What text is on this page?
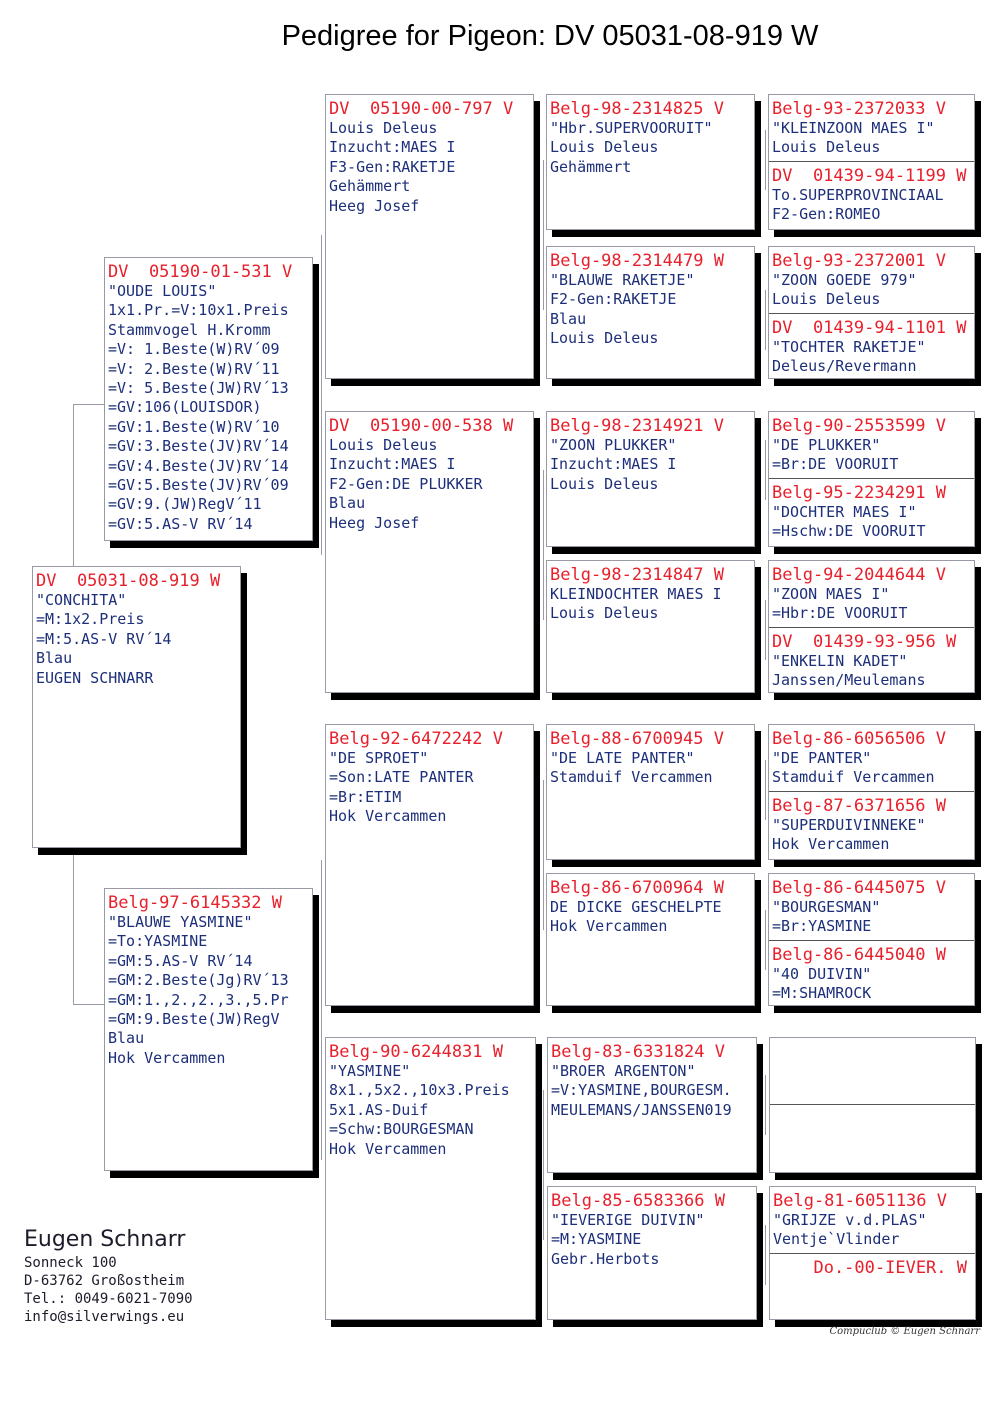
Pedigree for Pigeon: DV 05031-08-919 W
DV  05031-08-919 W
"CONCHITA"
=M:1x2.Preis
=M:5.AS-V RV´14
Blau
EUGEN SCHNARR
DV  05190-01-531 V
"OUDE LOUIS"
1x1.Pr.=V:10x1.Preis
Stammvogel H.Kromm
=V: 1.Beste(W)RV´09
=V: 2.Beste(W)RV´11
=V: 5.Beste(JW)RV´13
=GV:106(LOUISDOR)
=GV:1.Beste(W)RV´10
=GV:3.Beste(JV)RV´14
=GV:4.Beste(JV)RV´14
=GV:5.Beste(JV)RV´09
=GV:9.(JW)RegV´11
=GV:5.AS-V RV´14
Belg-97-6145332 W
"BLAUWE YASMINE"
=To:YASMINE
=GM:5.AS-V RV´14
=GM:2.Beste(Jg)RV´13
=GM:1.,2.,2.,3.,5.Pr
=GM:9.Beste(JW)RegV
Blau
Hok Vercammen
DV  05190-00-797 V
Louis Deleus
Inzucht:MAES I
F3-Gen:RAKETJE
Gehämmert
Heeg Josef
DV  05190-00-538 W
Louis Deleus
Inzucht:MAES I
F2-Gen:DE PLUKKER
Blau
Heeg Josef
Belg-92-6472242 V
"DE SPROET"
=Son:LATE PANTER
=Br:ETIM
Hok Vercammen
Belg-90-6244831 W
"YASMINE"
8x1.,5x2.,10x3.Preis
5x1.AS-Duif
=Schw:BOURGESMAN
Hok Vercammen
Belg-98-2314825 V
"Hbr.SUPERVOORUIT"
Louis Deleus
Gehämmert
Belg-98-2314479 W
"BLAUWE RAKETJE"
F2-Gen:RAKETJE
Blau
Louis Deleus
Belg-98-2314921 V
"ZOON PLUKKER"
Inzucht:MAES I
Louis Deleus
Belg-98-2314847 W
KLEINDOCHTER MAES I
Louis Deleus
Belg-88-6700945 V
"DE LATE PANTER"
Stamduif Vercammen
Belg-86-6700964 W
DE DICKE GESCHELPTE
Hok Vercammen
Belg-83-6331824 V
"BROER ARGENTON"
=V:YASMINE,BOURGESM.
MEULEMANS/JANSSEN019
Belg-85-6583366 W
"IEVERIGE DUIVIN"
=M:YASMINE
Gebr.Herbots
Belg-93-2372033 V
"KLEINZOON MAES I"
Louis Deleus
DV  01439-94-1199 W
To.SUPERPROVINCIAAL
F2-Gen:ROMEO
Belg-93-2372001 V
"ZOON GOEDE 979"
Louis Deleus
DV  01439-94-1101 W
"TOCHTER RAKETJE"
Deleus/Revermann
Belg-90-2553599 V
"DE PLUKKER"
=Br:DE VOORUIT
Belg-95-2234291 W
"DOCHTER MAES I"
=Hschw:DE VOORUIT
Belg-94-2044644 V
"ZOON MAES I"
=Hbr:DE VOORUIT
DV  01439-93-956 W
"ENKELIN KADET"
Janssen/Meulemans
Belg-86-6056506 V
"DE PANTER"
Stamduif Vercammen
Belg-87-6371656 W
"SUPERDUIVINNEKE"
Hok Vercammen
Belg-86-6445075 V
"BOURGESMAN"
=Br:YASMINE
Belg-86-6445040 W
"40 DUIVIN"
=M:SHAMROCK
Belg-81-6051136 V
"GRIJZE v.d.PLAS"
Ventje`Vlinder
Do.-00-IEVER. W
Eugen Schnarr
Sonneck 100
D-63762 Großostheim
Tel.: 0049-6021-7090
info@silverwings.eu
Compuclub © Eugen Schnarr
